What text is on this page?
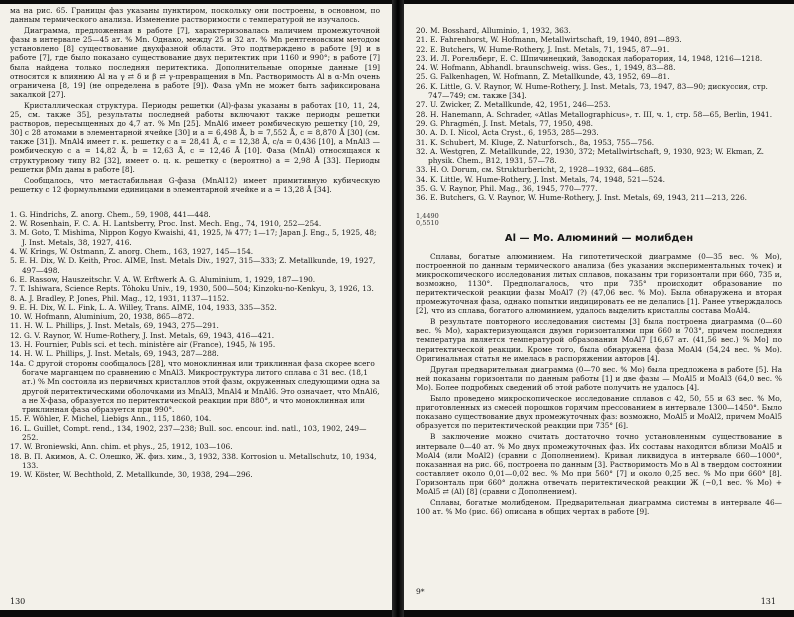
ма на рис. 65. Границы фаз указаны пунктиром, поскольку они построены, в основном, по данным термического анализа. Изменение растворимости с температурой не изучалось.

Диаграмма, предложенная в работе [7], характеризовалась наличием промежуточной фазы в интервале 25—45 ат. % Mn. Однако, между 25 и 32 ат. % Mn рентгеновским методом установлено [8] существование двухфазной области. Это подтверждено в работе [9] и в работе [7], где было показано существование двух перитектик при 1160 и 990°; в работе [7] была найдена только последняя перитектика. Дополнительные опорные данные [19] относятся к влиянию Al на γ ⇄ δ и β ⇄ γ-превращения в Mn. Растворимость Al в α-Mn очень ограничена [8, 19] (не определена в работе [9]). Фаза γMn не может быть зафиксирована закалкой [27].

Кристаллическая структура. Периоды решетки (Al)-фазы указаны в работах [10, 11, 24, 25, см. также 35], результаты последней работы включают также периоды решетки растворов, пересыщенных до 4,7 ат. % Mn [25]. MnAl6 имеет ромбическую решетку [10, 29, 30] с 28 атомами в элементарной ячейке [30] и a = 6,498 Å, b = 7,552 Å, c = 8,870 Å [30] (см. также [31]). MnAl4 имеет г. к. решетку с a = 28,41 Å, c = 12,38 Å, c/a = 0,436 [10], а MnAl3 — ромбическую с a = 14,82 Å, b = 12,63 Å, c = 12,46 Å [10]. Фаза (MnAl) относящаяся к структурному типу B2 [32], имеет о. ц. к. решетку с (вероятно) a = 2,98 Å [33]. Периоды решетки βMn даны в работе [8].

Сообщалось, что метастабильная G-фаза (MnAl12) имеет примитивную кубическую решетку с 12 формульными единицами в элементарной ячейке и a = 13,28 Å [34].

1. G. Hindrichs, Z. anorg. Chem., 59, 1908, 441—448.
2. W. Rosenhain, F. C. A. H. Lantsberry, Proc. Inst. Mech. Eng., 74, 1910, 252—254.
3. M. Goto, T. Mishima, Nippon Kogyo Kwaishi, 41, 1925, № 477; 1—17; Japan J. Eng., 5, 1925, 48; J. Inst. Metals, 38, 1927, 416.
4. W. Krings, W. Ostmann, Z. anorg. Chem., 163, 1927, 145—154.
5. E. H. Dix, W. D. Keith, Proc. AIME, Inst. Metals Div., 1927, 315—333; Z. Metallkunde, 19, 1927, 497—498.
6. E. Rassow, Hauszeitschr. V. A. W. Erftwerk A. G. Aluminium, 1, 1929, 187—190.
7. T. Ishiwara, Science Repts. Tôhoku Univ., 19, 1930, 500—504; Kinzoku-no-Kenkyu, 3, 1926, 13.
8. A. J. Bradley, P. Jones, Phil. Mag., 12, 1931, 1137—1152.
9. E. H. Dix, W. L. Fink, L. A. Willey, Trans. AIME, 104, 1933, 335—352.
10. W. Hofmann, Aluminium, 20, 1938, 865—872.
11. H. W. L. Phillips, J. Inst. Metals, 69, 1943, 275—291.
12. G. V. Raynor, W. Hume-Rothery, J. Inst. Metals, 69, 1943, 416—421.
13. H. Fournier, Publs sci. et tech. ministère air (France), 1945, № 195.
14. H. W. L. Phillips, J. Inst. Metals, 69, 1943, 287—288.
14а. С другой стороны сообщалось [28], что моноклинная или триклинная фаза скорее всего богаче марганцем по сравнению с MnAl3. Микроструктура литого сплава с 31 вес. (18,1 ат.) % Mn состояла из первичных кристаллов этой фазы, окруженных следующими одна за другой перитектическими оболочками из MnAl3, MnAl4 и MnAl6. Это означает, что MnAl6, а не X-фаза, образуется по перитектической реакции при 880°, и что моноклинная или триклинная фаза образуется при 990°.
15. F. Wöhler, F. Michel, Liebigs Ann., 115, 1860, 104.
16. L. Guillet, Compt. rend., 134, 1902, 237—238; Bull. soc. encour. ind. natl., 103, 1902, 249—252.
17. W. Broniewski, Ann. chim. et phys., 25, 1912, 103—106.
18. В. П. Акимов, А. С. Олешко, Ж. физ. хим., 3, 1932, 338. Korrosion u. Metallschutz, 10, 1934, 133.
19. W. Köster, W. Bechthold, Z. Metallkunde, 30, 1938, 294—296.
130
20. M. Bosshard, Alluminio, 1, 1932, 363.
21. E. Fahrenhorst, W. Hofmann, Metallwirtschaft, 19, 1940, 891—893.
22. E. Butchers, W. Hume-Rothery, J. Inst. Metals, 71, 1945, 87—91.
23. И. Л. Рогельберг, Е. С. Шпичинецкий, Заводская лаборатория, 14, 1948, 1216—1218.
24. W. Hofmann, Abhandl. braunschweig. wiss. Ges., 1, 1949, 83—88.
25. G. Falkenhagen, W. Hofmann, Z. Metallkunde, 43, 1952, 69—81.
26. K. Little, G. V. Raynor, W. Hume-Rothery, J. Inst. Metals, 73, 1947, 83—90; дискуссия, стр. 747—749; см. также [34].
27. U. Zwicker, Z. Metallkunde, 42, 1951, 246—253.
28. H. Hanemann, A. Schrader, «Atlas Metallographicus», т. III, ч. 1, стр. 58—65, Berlin, 1941.
29. G. Phragmén, J. Inst. Metals, 77, 1950, 498.
30. A. D. I. Nicol, Acta Cryst., 6, 1953, 285—293.
31. K. Schubert, M. Kluge, Z. Naturforsch., 8a, 1953, 755—756.
32. A. Westgren, Z. Metallkunde, 22, 1930, 372; Metallwirtschaft, 9, 1930, 923; W. Ekman, Z. physik. Chem., B12, 1931, 57—78.
33. H. O. Dorum, см. Strukturbericht, 2, 1928—1932, 684—685.
34. K. Little, W. Hume-Rothery, J. Inst. Metals, 74, 1948, 521—524.
35. G. V. Raynor, Phil. Mag., 36, 1945, 770—777.
36. E. Butchers, G. V. Raynor, W. Hume-Rothery, J. Inst. Metals, 69, 1943, 211—213, 226.
1,4490
0,5510
Al — Mo. Алюминий — молибден

Сплавы, богатые алюминием. На гипотетической диаграмме (0—35 вес. % Mo), построенной по данным термического анализа (без указания экспериментальных точек) и микроскопического исследования литых сплавов, показаны три горизонтали при 660, 735 и, возможно, 1130°. Предполагалось, что при 735° происходит образование по перитектической реакции фазы MoAl7 (?) (47,06 вес. % Mo). Была обнаружена и вторая промежуточная фаза, однако попытки индицировать ее не делались [1]. Ранее утверждалось [2], что из сплава, богатого алюминием, удалось выделить кристаллы состава MoAl4.

В результате повторного исследования системы [3] была построена диаграмма (0—60 вес. % Mo), характеризующаяся двумя горизонталями при 660 и 703°, причем последняя температура является температурой образования MoAl7 [16,67 ат. (41,56 вес.) % Mo] по перитектической реакции. Кроме того, была обнаружена фаза MoAl4 (54,24 вес. % Mo). Оригинальная статья не имелась в распоряжении авторов [4].

Другая предварительная диаграмма (0—70 вес. % Mo) была предложена в работе [5]. На ней показаны горизонтали по данным работы [1] и две фазы — MoAl5 и MoAl3 (64,0 вес. % Mo). Более подробных сведений об этой работе получить не удалось [4].

Было проведено микроскопическое исследование сплавов с 42, 50, 55 и 63 вес. % Mo, приготовленных из смесей порошков горячим прессованием в интервале 1300—1450°. Было показано существование двух промежуточных фаз: возможно, MoAl5 и MoAl2, причем MoAl5 образуется по перитектической реакции при 735° [6].

В заключение можно считать достаточно точно установленным существование в интервале 0—40 ат. % Mo двух промежуточных фаз. Их составы находятся вблизи MoAl5 и MoAl4 (или MoAl2) (сравни с Дополнением). Кривая ликвидуса в интервале 660—1000°, показанная на рис. 66, построена по данным [3]. Растворимость Mo в Al в твердом состоянии составляет около 0,01—0,02 вес. % Mo при 560° [7] и около 0,25 вес. % Mo при 660° [8]. Горизонталь при 660° должна отвечать перитектической реакции Ж (~0,1 вес. % Mo) + MoAl5 ⇄ (Al) [8] (сравни с Дополнением).

Сплавы, богатые молибденом. Предварительная диаграмма системы в интервале 46—100 ат. % Mo (рис. 66) описана в общих чертах в работе [9].

9*
131
